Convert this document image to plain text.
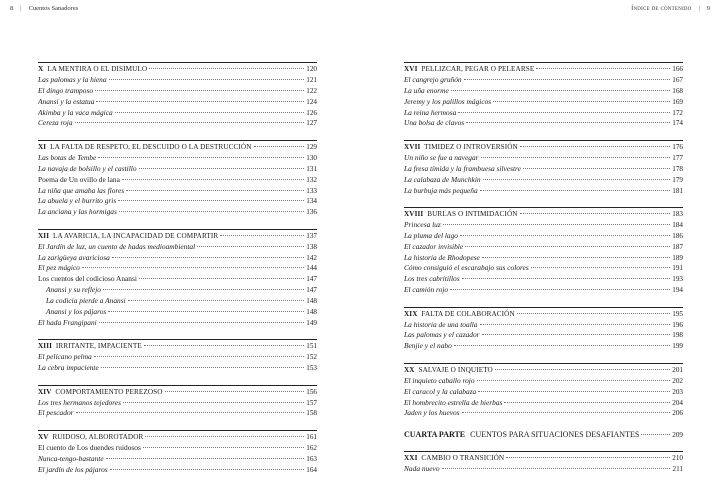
8 | Cuentos Sanadores	Índice de contenido | 9
X LA MENTIRA O EL DISIMULO	120
Las palomas y la hiena	121
El dingo tramposo	122
Anansi y la estatua	124
Akimba y la vaca mágica	126
Cereza roja	127
XI LA FALTA DE RESPETO, EL DESCUIDO O LA DESTRUCCIÓN	129
Las botas de Tembe	130
La navaja de bolsillo y el castillo	131
Poema de Un ovillo de lana	132
La niña que amaba las flores	133
La abuela y el burrito gris	134
La anciana y las hormigas	136
XII LA AVARICIA, LA INCAPACIDAD DE COMPARTIR	137
El Jardín de luz, un cuento de hadas medioambiental	138
La zarigüeya avariciosa	142
El pez mágico	144
Los cuentos del codicioso Anansi	147
Anansi y su reflejo	147
La codicia pierde a Anansi	148
Anansi y los pájaros	148
El hada Frangipani	149
XIII IRRITANTE, IMPACIENTE	151
El pelícano pelma	152
La cebra impaciente	153
XIV COMPORTAMIENTO PEREZOSO	156
Los tres hermanos tejedores	157
El pescador	158
XV RUIDOSO, ALBOROTADOR	161
El cuento de Los duendes ruidosos	162
Nunca-tengo-bastante	163
El jardín de los pájaros	164
XVI PELLIZCAR, PEGAR O PELEARSE	166
El cangrejo gruñón	167
La uña enorme	168
Jeremy y los palillos mágicos	169
La reina hermosa	172
Una bolsa de clavos	174
XVII TIMIDEZ O INTROVERSIÓN	176
Un niño se fue a navegar	177
La fresa tímida y la frambuesa silvestre	178
La calabaza de Munchkin	179
La burbuja más pequeña	181
XVIII BURLAS O INTIMIDACIÓN	183
Princesa luz	184
La pluma del lago	186
El cazador invisible	187
La historia de Rhodopese	189
Cómo consiguió el escarabajo sus colores	191
Los tres cabritillos	193
El camión rojo	194
XIX FALTA DE COLABORACIÓN	195
La historia de una toalla	196
Las palomas y el cazador	198
Benjie y el nabo	199
XX SALVAJE O INQUIETO	201
El inquieto caballo rojo	202
El caracol y la calabaza	203
El hombrecito estrella de hierbas	204
Jaden y los huevos	206
CUARTA PARTE CUENTOS PARA SITUACIONES DESAFIANTES	209
XXI CAMBIO O TRANSICIÓN	210
Nada nuevo	211
